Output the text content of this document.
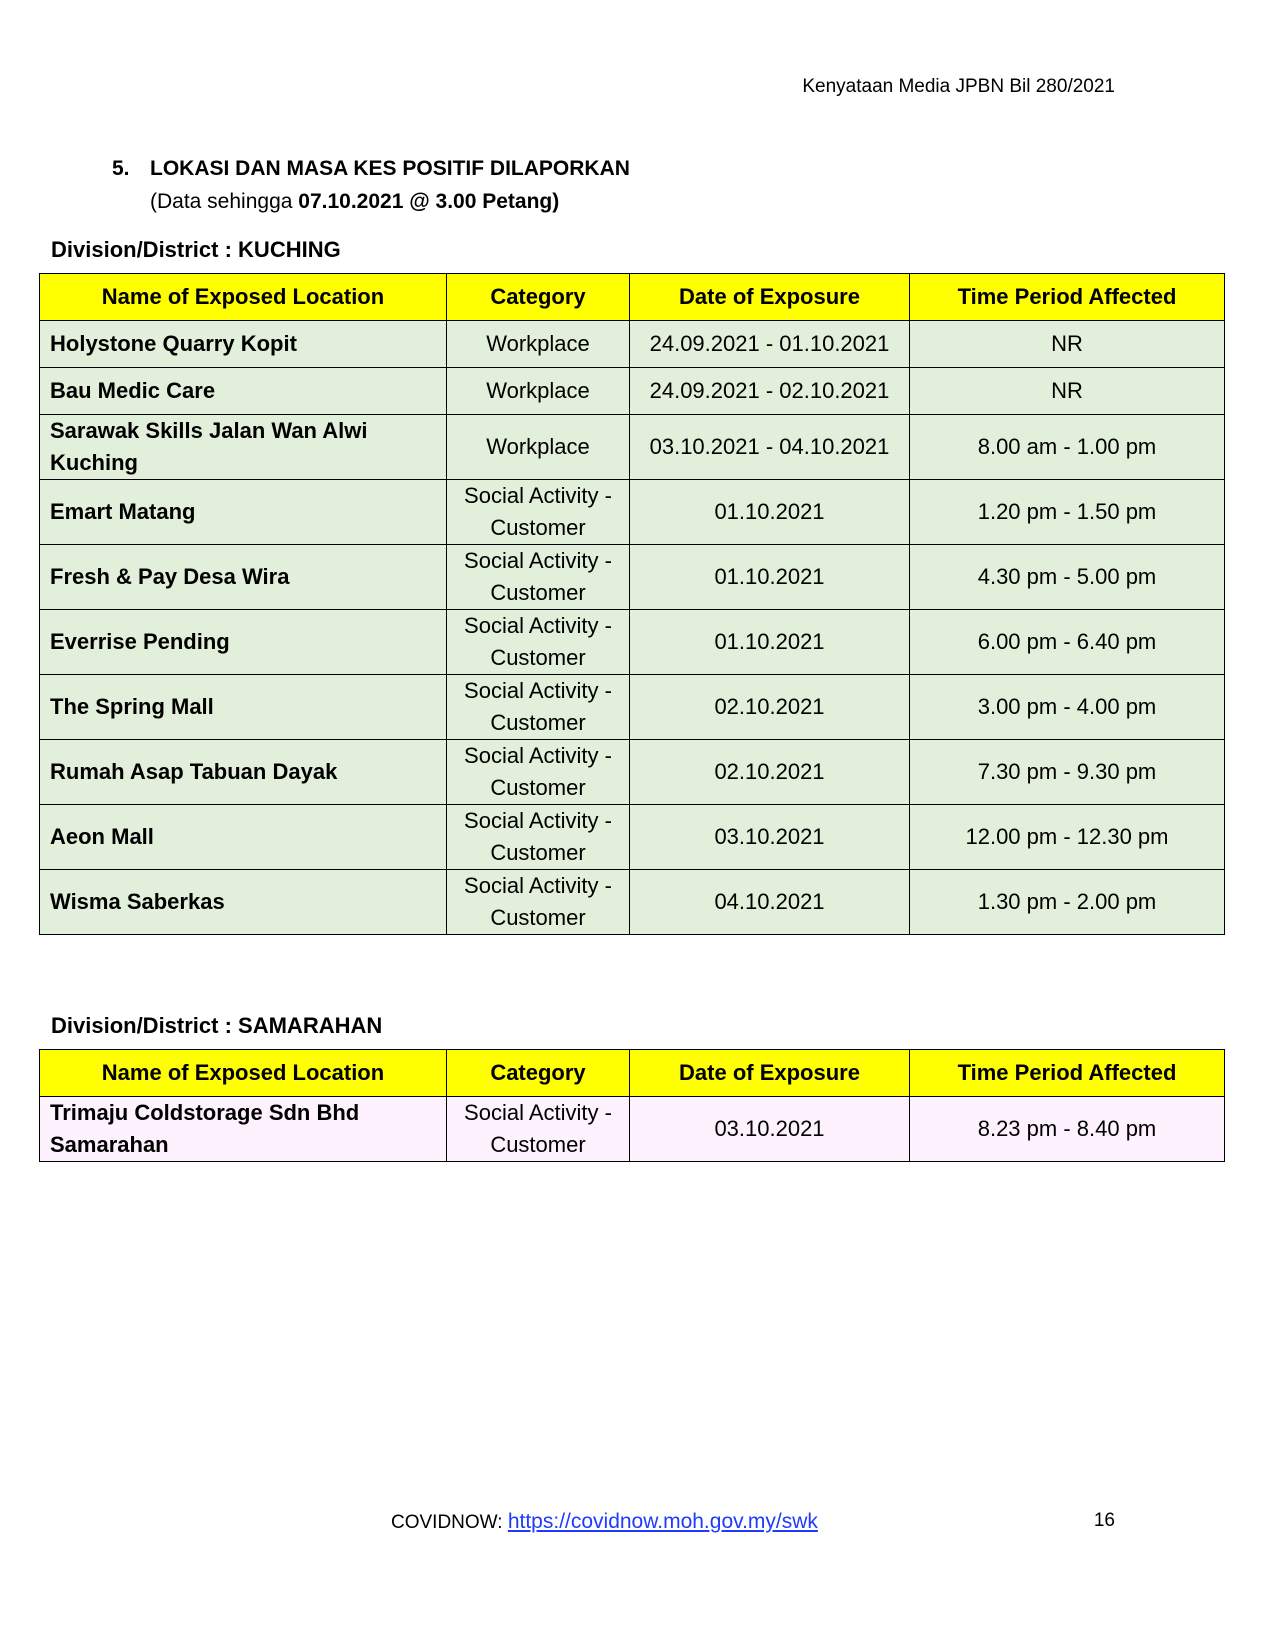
Kenyataan Media JPBN Bil 280/2021
5. LOKASI DAN MASA KES POSITIF DILAPORKAN
(Data sehingga 07.10.2021 @ 3.00 Petang)
Division/District : KUCHING
Name of Exposed Location	Category	Date of Exposure	Time Period Affected
Holystone Quarry Kopit	Workplace	24.09.2021 - 01.10.2021	NR
Bau Medic Care	Workplace	24.09.2021 - 02.10.2021	NR
Sarawak Skills Jalan Wan Alwi Kuching	Workplace	03.10.2021 - 04.10.2021	8.00 am - 1.00 pm
Emart Matang	Social Activity - Customer	01.10.2021	1.20 pm - 1.50 pm
Fresh & Pay Desa Wira	Social Activity - Customer	01.10.2021	4.30 pm - 5.00 pm
Everrise Pending	Social Activity - Customer	01.10.2021	6.00 pm - 6.40 pm
The Spring Mall	Social Activity - Customer	02.10.2021	3.00 pm - 4.00 pm
Rumah Asap Tabuan Dayak	Social Activity - Customer	02.10.2021	7.30 pm - 9.30 pm
Aeon Mall	Social Activity - Customer	03.10.2021	12.00 pm - 12.30 pm
Wisma Saberkas	Social Activity - Customer	04.10.2021	1.30 pm - 2.00 pm
Division/District : SAMARAHAN
Name of Exposed Location	Category	Date of Exposure	Time Period Affected
Trimaju Coldstorage Sdn Bhd Samarahan	Social Activity - Customer	03.10.2021	8.23 pm - 8.40 pm
COVIDNOW: https://covidnow.moh.gov.my/swk	16
